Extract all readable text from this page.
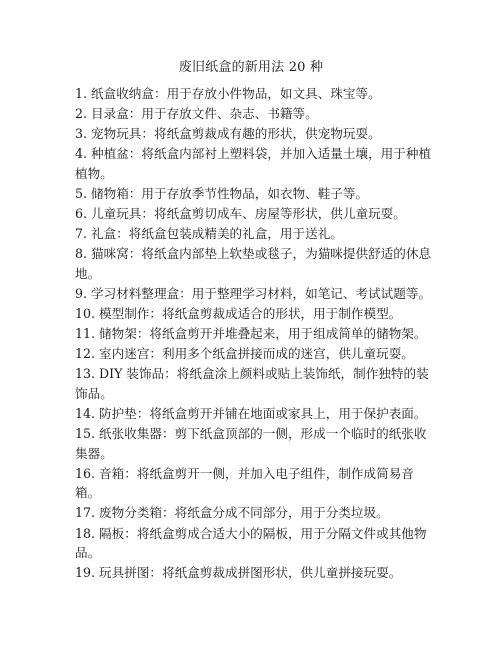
废旧纸盒的新用法 20 种
1. 纸盒收纳盒：用于存放小件物品，如文具、珠宝等。
2. 目录盒：用于存放文件、杂志、书籍等。
3. 宠物玩具：将纸盒剪裁成有趣的形状，供宠物玩耍。
4. 种植盆：将纸盒内部衬上塑料袋，并加入适量土壤，用于种植植物。
5. 储物箱：用于存放季节性物品，如衣物、鞋子等。
6. 儿童玩具：将纸盒剪切成车、房屋等形状，供儿童玩耍。
7. 礼盒：将纸盒包装成精美的礼盒，用于送礼。
8. 猫咪窝：将纸盒内部垫上软垫或毯子，为猫咪提供舒适的休息地。
9. 学习材料整理盒：用于整理学习材料，如笔记、考试试题等。
10. 模型制作：将纸盒剪裁成适合的形状，用于制作模型。
11. 储物架：将纸盒剪开并堆叠起来，用于组成简单的储物架。
12. 室内迷宫：利用多个纸盒拼接而成的迷宫，供儿童玩耍。
13. DIY 装饰品：将纸盒涂上颜料或贴上装饰纸，制作独特的装饰品。
14. 防护垫：将纸盒剪开并铺在地面或家具上，用于保护表面。
15. 纸张收集器：剪下纸盒顶部的一侧，形成一个临时的纸张收集器。
16. 音箱：将纸盒剪开一侧，并加入电子组件，制作成简易音箱。
17. 废物分类箱：将纸盒分成不同部分，用于分类垃圾。
18. 隔板：将纸盒剪成合适大小的隔板，用于分隔文件或其他物品。
19. 玩具拼图：将纸盒剪裁成拼图形状，供儿童拼接玩耍。
